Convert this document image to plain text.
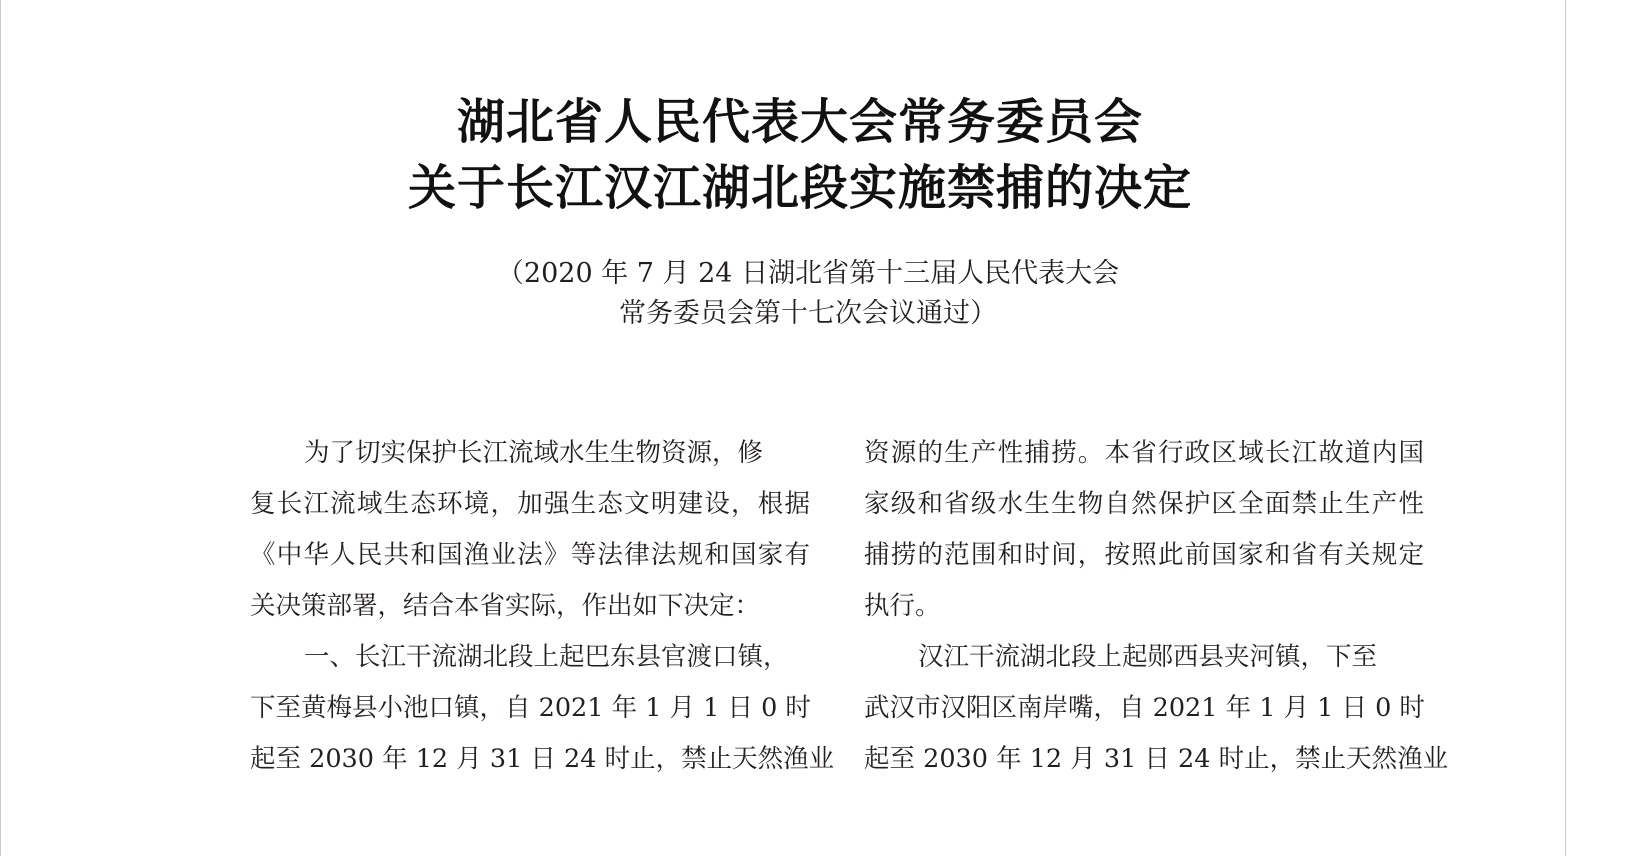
湖北省人民代表大会常务委员会
关于长江汉江湖北段实施禁捕的决定
（2020 年 7 月 24 日湖北省第十三届人民代表大会
常务委员会第十七次会议通过）
为了切实保护长江流域水生生物资源，修
复长江流域生态环境，加强生态文明建设，根据
《中华人民共和国渔业法》等法律法规和国家有
关决策部署，结合本省实际，作出如下决定：
一、长江干流湖北段上起巴东县官渡口镇，
下至黄梅县小池口镇，自 2021 年 1 月 1 日 0 时
起至 2030 年 12 月 31 日 24 时止，禁止天然渔业
资源的生产性捕捞。本省行政区域长江故道内国
家级和省级水生生物自然保护区全面禁止生产性
捕捞的范围和时间，按照此前国家和省有关规定
执行。
汉江干流湖北段上起郧西县夹河镇，下至
武汉市汉阳区南岸嘴，自 2021 年 1 月 1 日 0 时
起至 2030 年 12 月 31 日 24 时止，禁止天然渔业
